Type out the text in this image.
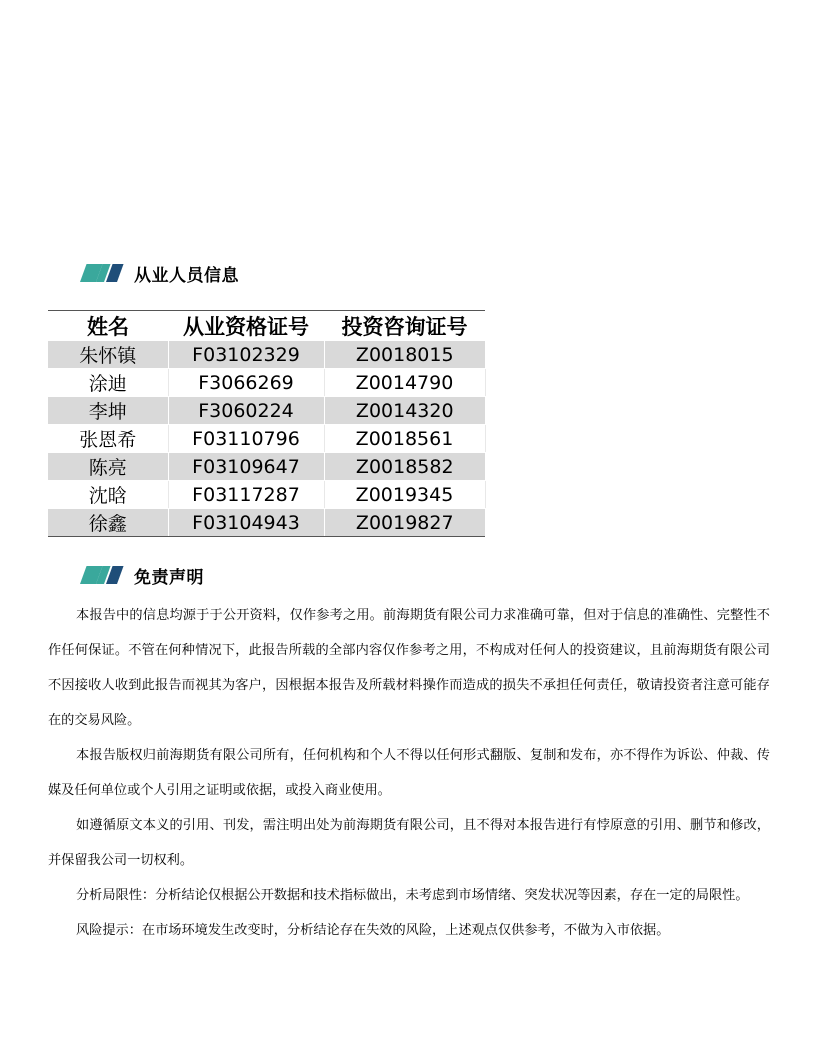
从业人员信息
姓名	从业资格证号	投资咨询证号
朱怀镇	F03102329	Z0018015
涂迪	F3066269	Z0014790
李坤	F3060224	Z0014320
张恩希	F03110796	Z0018561
陈亮	F03109647	Z0018582
沈晗	F03117287	Z0019345
徐鑫	F03104943	Z0019827
免责声明

本报告中的信息均源于于公开资料，仅作参考之用。前海期货有限公司力求准确可靠，但对于信息的准确性、完整性不作任何保证。不管在何种情况下，此报告所载的全部内容仅作参考之用，不构成对任何人的投资建议，且前海期货有限公司不因接收人收到此报告而视其为客户，因根据本报告及所载材料操作而造成的损失不承担任何责任，敬请投资者注意可能存在的交易风险。

本报告版权归前海期货有限公司所有，任何机构和个人不得以任何形式翻版、复制和发布，亦不得作为诉讼、仲裁、传媒及任何单位或个人引用之证明或依据，或投入商业使用。

如遵循原文本义的引用、刊发，需注明出处为前海期货有限公司，且不得对本报告进行有悖原意的引用、删节和修改，并保留我公司一切权利。

分析局限性：分析结论仅根据公开数据和技术指标做出，未考虑到市场情绪、突发状况等因素，存在一定的局限性。

风险提示：在市场环境发生改变时，分析结论存在失效的风险，上述观点仅供参考，不做为入市依据。
